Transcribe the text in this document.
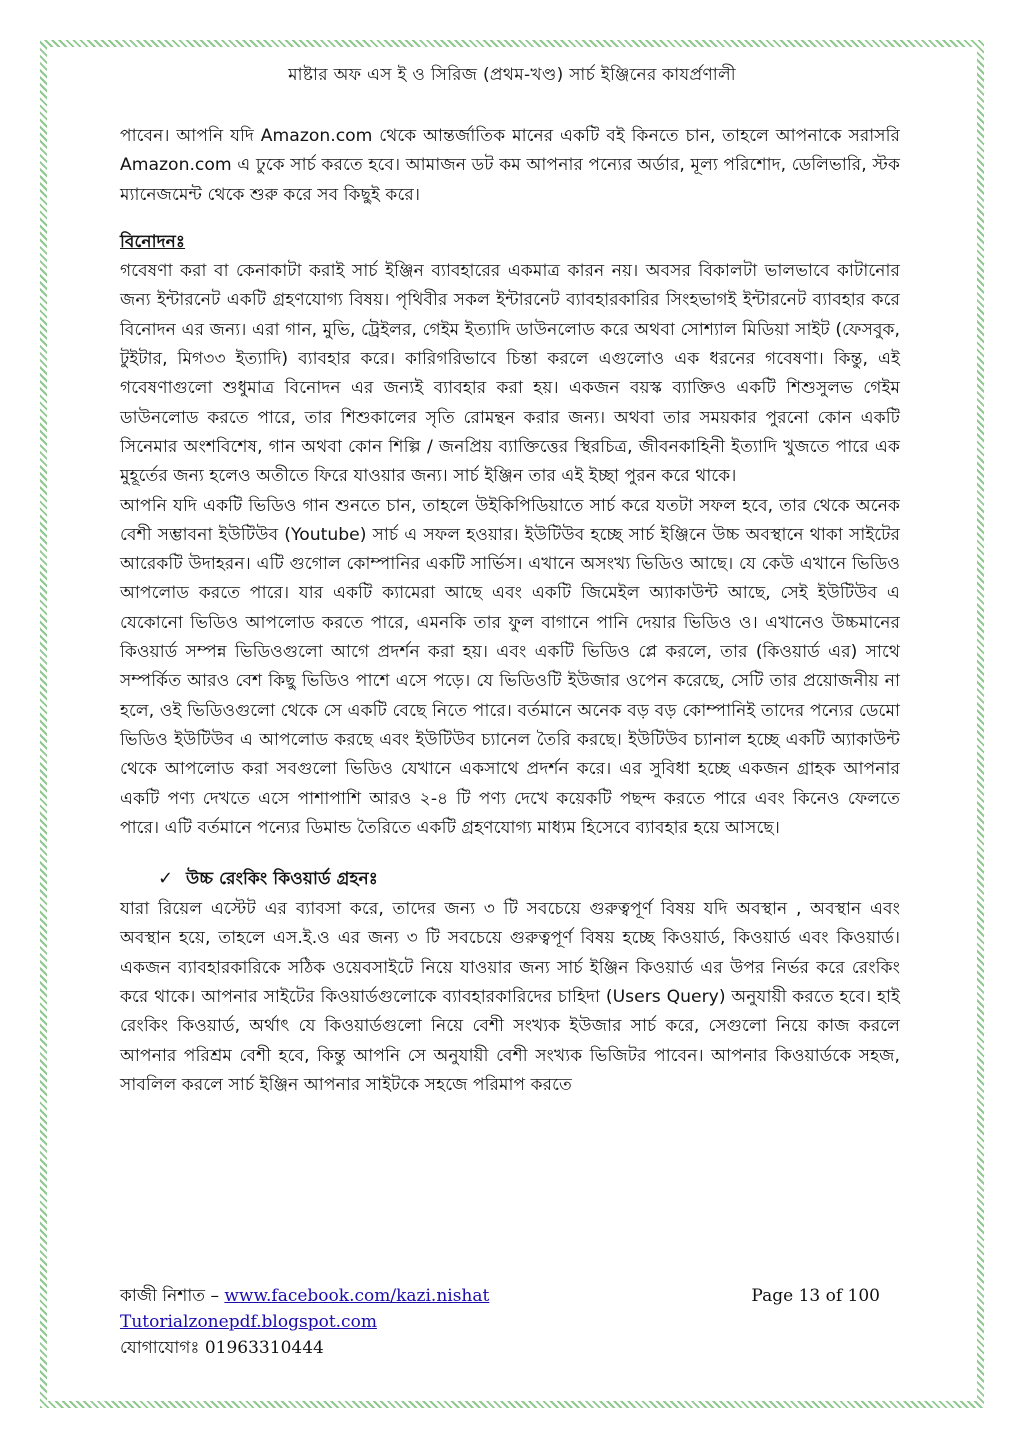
মাষ্টার অফ এস ই ও সিরিজ (প্রথম-খণ্ড) সার্চ ইঞ্জিনের কাযর্প্রণালী

পাবেন। আপনি যদি Amazon.com থেকে আন্তর্জাতিক মানের একটি বই কিনতে চান, তাহলে আপনাকে সরাসরি Amazon.com এ ঢুকে সার্চ করতে হবে। আমাজন ডট কম আপনার পন্যের অর্ডার, মূল্য পরিশোদ, ডেলিভারি, স্টক ম্যানেজমেন্ট থেকে শুরু করে সব কিছুই করে।

বিনোদনঃ

গবেষণা করা বা কেনাকাটা করাই সার্চ ইঞ্জিন ব্যাবহারের একমাত্র কারন নয়। অবসর বিকালটা ভালভাবে কাটানোর জন্য ইন্টারনেট একটি গ্রহণযোগ্য বিষয়। পৃথিবীর সকল ইন্টারনেট ব্যাবহারকারির সিংহভাগই ইন্টারনেট ব্যাবহার করে বিনোদন এর জন্য। এরা গান, মুভি, ট্রেইলর, গেইম ইত্যাদি ডাউনলোড করে অথবা সোশ্যাল মিডিয়া সাইট (ফেসবুক, টুইটার, মিগ৩৩ ইত্যাদি) ব্যাবহার করে। কারিগরিভাবে চিন্তা করলে এগুলোও এক ধরনের গবেষণা। কিন্তু, এই গবেষণাগুলো শুধুমাত্র বিনোদন এর জন্যই ব্যাবহার করা হয়। একজন বয়স্ক ব্যাক্তিও একটি শিশুসুলভ গেইম ডাউনলোড করতে পারে, তার শিশুকালের সৃতি রোমন্থন করার জন্য। অথবা তার সময়কার পুরনো কোন একটি সিনেমার অংশবিশেষ, গান অথবা কোন শিল্পি / জনপ্রিয় ব্যাক্তিত্তের স্থিরচিত্র, জীবনকাহিনী ইত্যাদি খুজতে পারে এক মুহূর্তের জন্য হলেও অতীতে ফিরে যাওয়ার জন্য। সার্চ ইঞ্জিন তার এই ইচ্ছা পুরন করে থাকে।

আপনি যদি একটি ভিডিও গান শুনতে চান, তাহলে উইকিপিডিয়াতে সার্চ করে যতটা সফল হবে, তার থেকে অনেক বেশী সম্ভাবনা ইউটিউব (Youtube) সার্চ এ সফল হওয়ার। ইউটিউব হচ্ছে সার্চ ইঞ্জিনে উচ্চ অবস্থানে থাকা সাইটের আরেকটি উদাহরন। এটি গুগোল কোম্পানির একটি সার্ভিস। এখানে অসংখ্য ভিডিও আছে। যে কেউ এখানে ভিডিও আপলোড করতে পারে। যার একটি ক্যামেরা আছে এবং একটি জিমেইল অ্যাকাউন্ট আছে, সেই ইউটিউব এ যেকোনো ভিডিও আপলোড করতে পারে, এমনকি তার ফুল বাগানে পানি দেয়ার ভিডিও ও। এখানেও উচ্চমানের কিওয়ার্ড সম্পন্ন ভিডিওগুলো আগে প্রদর্শন করা হয়। এবং একটি ভিডিও প্লে করলে, তার (কিওয়ার্ড এর) সাথে সম্পর্কিত আরও বেশ কিছু ভিডিও পাশে এসে পড়ে। যে ভিডিওটি ইউজার ওপেন করেছে, সেটি তার প্রয়োজনীয় না হলে, ওই ভিডিওগুলো থেকে সে একটি বেছে নিতে পারে। বর্তমানে অনেক বড় বড় কোম্পানিই তাদের পন্যের ডেমো ভিডিও ইউটিউব এ আপলোড করছে এবং ইউটিউব চ্যানেল তৈরি করছে। ইউটিউব চ্যানাল হচ্ছে একটি অ্যাকাউন্ট থেকে আপলোড করা সবগুলো ভিডিও যেখানে একসাথে প্রদর্শন করে। এর সুবিধা হচ্ছে একজন গ্রাহক আপনার একটি পণ্য দেখতে এসে পাশাপাশি আরও ২-৪ টি পণ্য দেখে কয়েকটি পছন্দ করতে পারে এবং কিনেও ফেলতে পারে। এটি বর্তমানে পন্যের ডিমান্ড তৈরিতে একটি গ্রহণযোগ্য মাধ্যম হিসেবে ব্যাবহার হয়ে আসছে।

✓ উচ্চ রেংকিং কিওয়ার্ড গ্রহনঃ

যারা রিয়েল এস্টেট এর ব্যাবসা করে, তাদের জন্য ৩ টি সবচেয়ে গুরুত্বপূর্ণ বিষয় যদি অবস্থান , অবস্থান এবং অবস্থান হয়ে, তাহলে এস.ই.ও এর জন্য ৩ টি সবচেয়ে গুরুত্বপূর্ণ বিষয় হচ্ছে কিওয়ার্ড, কিওয়ার্ড এবং কিওয়ার্ড। একজন ব্যাবহারকারিকে সঠিক ওয়েবসাইটে নিয়ে যাওয়ার জন্য সার্চ ইঞ্জিন কিওয়ার্ড এর উপর নির্ভর করে রেংকিং করে থাকে। আপনার সাইটের কিওয়ার্ডগুলোকে ব্যাবহারকারিদের চাহিদা (Users Query) অনুযায়ী করতে হবে। হাই রেংকিং কিওয়ার্ড, অর্থাৎ যে কিওয়ার্ডগুলো নিয়ে বেশী সংখ্যক ইউজার সার্চ করে, সেগুলো নিয়ে কাজ করলে আপনার পরিশ্রম বেশী হবে, কিন্তু আপনি সে অনুযায়ী বেশী সংখ্যক ভিজিটর পাবেন। আপনার কিওয়ার্ডকে সহজ, সাবলিল করলে সার্চ ইঞ্জিন আপনার সাইটকে সহজে পরিমাপ করতে

কাজী নিশাত – www.facebook.com/kazi.nishat	Page 13 of 100
Tutorialzonepdf.blogspot.com
যোগাযোগঃ 01963310444
